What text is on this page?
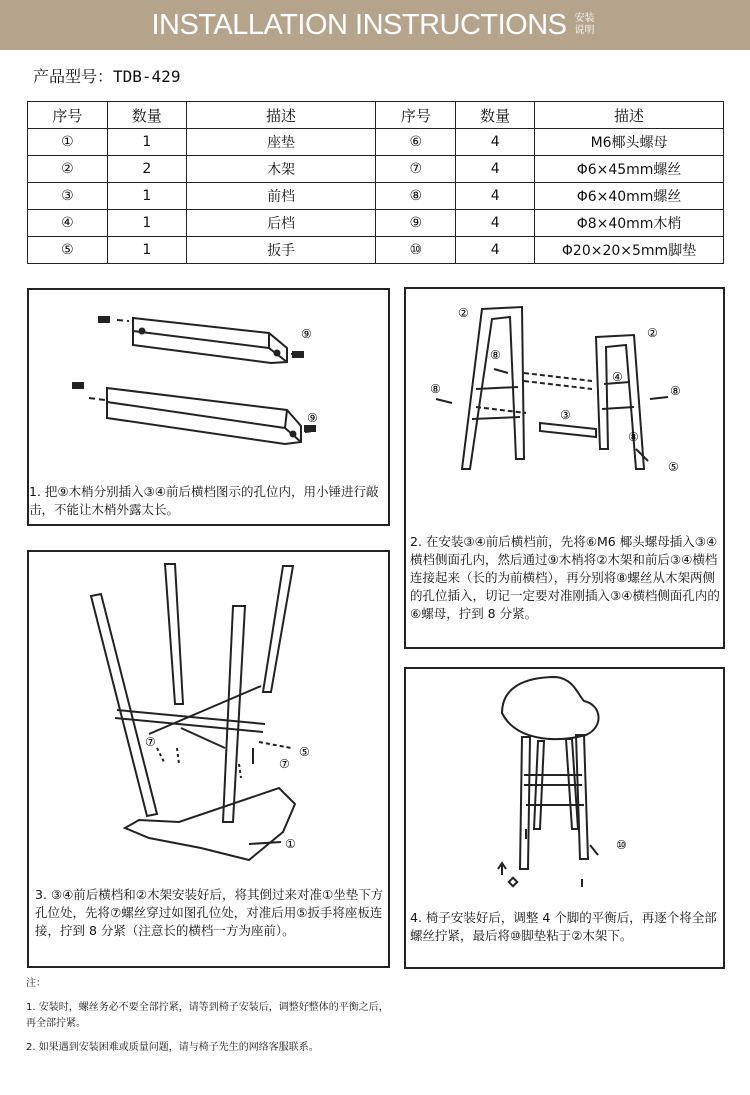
INSTALLATION INSTRUCTIONS 安装说明
产品型号：TDB-429
序号	数量	描述	序号	数量	描述
①	1	座垫	⑥	4	M6椰头螺母
②	2	木架	⑦	4	Φ6×45mm螺丝
③	1	前档	⑧	4	Φ6×40mm螺丝
④	1	后档	⑨	4	Φ8×40mm木梢
⑤	1	扳手	⑩	4	Φ20×20×5mm脚垫
⑨
⑨
1. 把⑨木梢分别插入③④前后横档图示的孔位内，用小锤进行敲击，不能让木梢外露太长。
②
②
⑧
⑧	⑧
⑧
④
③
⑤
2. 在安装③④前后横档前，先将⑥M6 椰头螺母插入③④横档侧面孔内，然后通过⑨木梢将②木架和前后③④横档连接起来（长的为前横档），再分别将⑧螺丝从木架两侧的孔位插入，切记一定要对准刚插入③④横档侧面孔内的⑥螺母，拧到 8 分紧。
⑦
⑦
⑤
①
3. ③④前后横档和②木架安装好后，将其倒过来对准①坐垫下方孔位处，先将⑦螺丝穿过如图孔位处，对准后用⑤扳手将座板连接，拧到 8 分紧（注意长的横档一方为座前）。
⑩
4. 椅子安装好后，调整 4 个脚的平衡后，再逐个将全部螺丝拧紧，最后将⑩脚垫粘于②木架下。
注：
1. 安装时，螺丝务必不要全部拧紧，请等到椅子安装后，调整好整体的平衡之后，再全部拧紧。
2. 如果遇到安装困难或质量问题，请与椅子先生的网络客服联系。
